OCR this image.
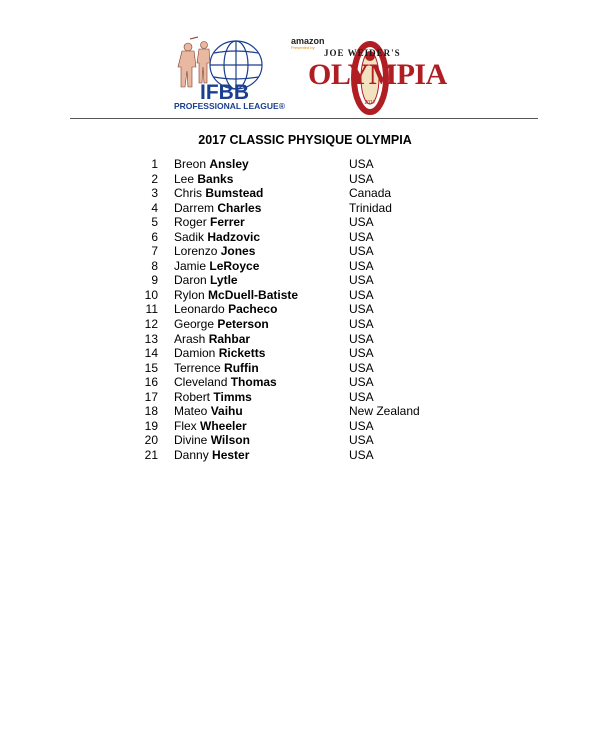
IFBB
PROFESSIONAL LEAGUE®	2017
amazon
Presented by
JOE WEIDER'S
OLYMPIA
2017 CLASSIC PHYSIQUE OLYMPIA
1 Breon Ansley	USA
2 Lee Banks	USA
3 Chris Bumstead	Canada
4 Darrem Charles	Trinidad
5 Roger Ferrer	USA
6 Sadik Hadzovic	USA
7 Lorenzo Jones	USA
8 Jamie LeRoyce	USA
9 Daron Lytle	USA
10 Rylon McDuell-Batiste	USA
11 Leonardo Pacheco	USA
12 George Peterson	USA
13 Arash Rahbar	USA
14 Damion Ricketts	USA
15 Terrence Ruffin	USA
16 Cleveland Thomas	USA
17 Robert Timms	USA
18 Mateo Vaihu	New Zealand
19 Flex Wheeler	USA
20 Divine Wilson	USA
21 Danny Hester	USA
